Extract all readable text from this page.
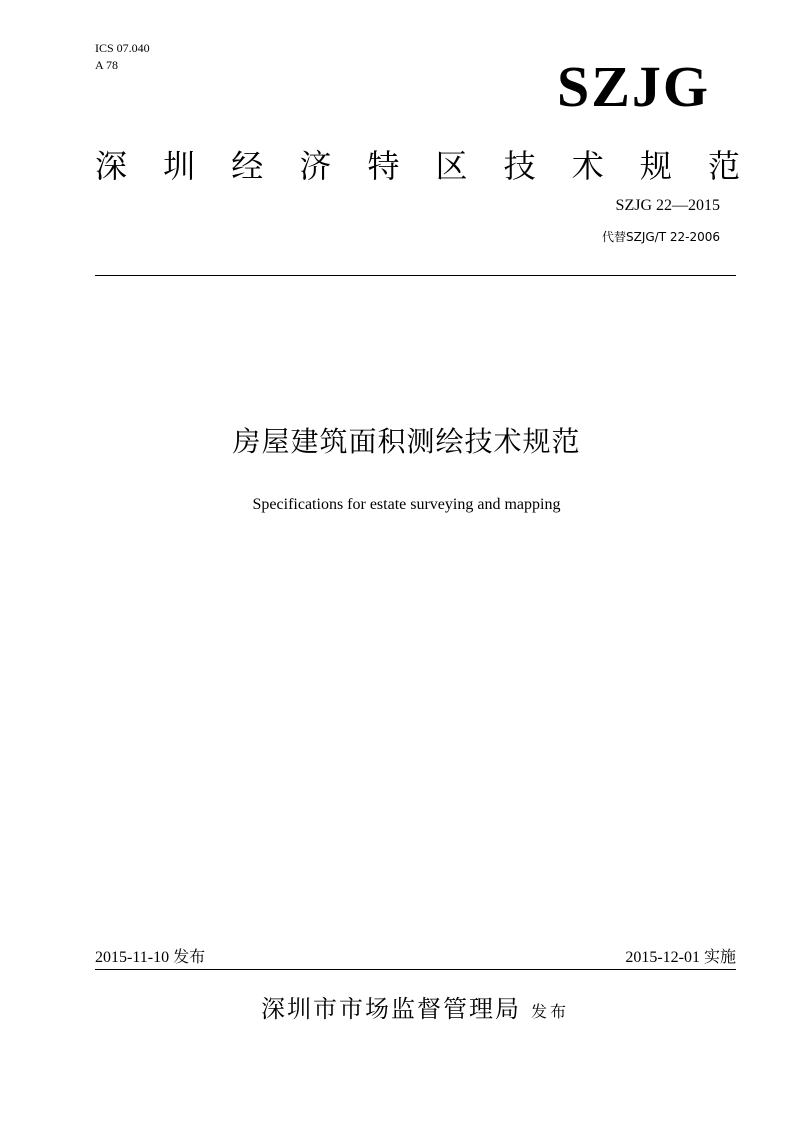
ICS 07.040
A 78	SZJG
深 圳 经 济 特 区 技 术 规 范
SZJG 22—2015
代替SZJG/T 22-2006
房屋建筑面积测绘技术规范
Specifications for estate surveying and mapping
2015-11-10 发布	2015-12-01 实施
深圳市市场监督管理局 发布
